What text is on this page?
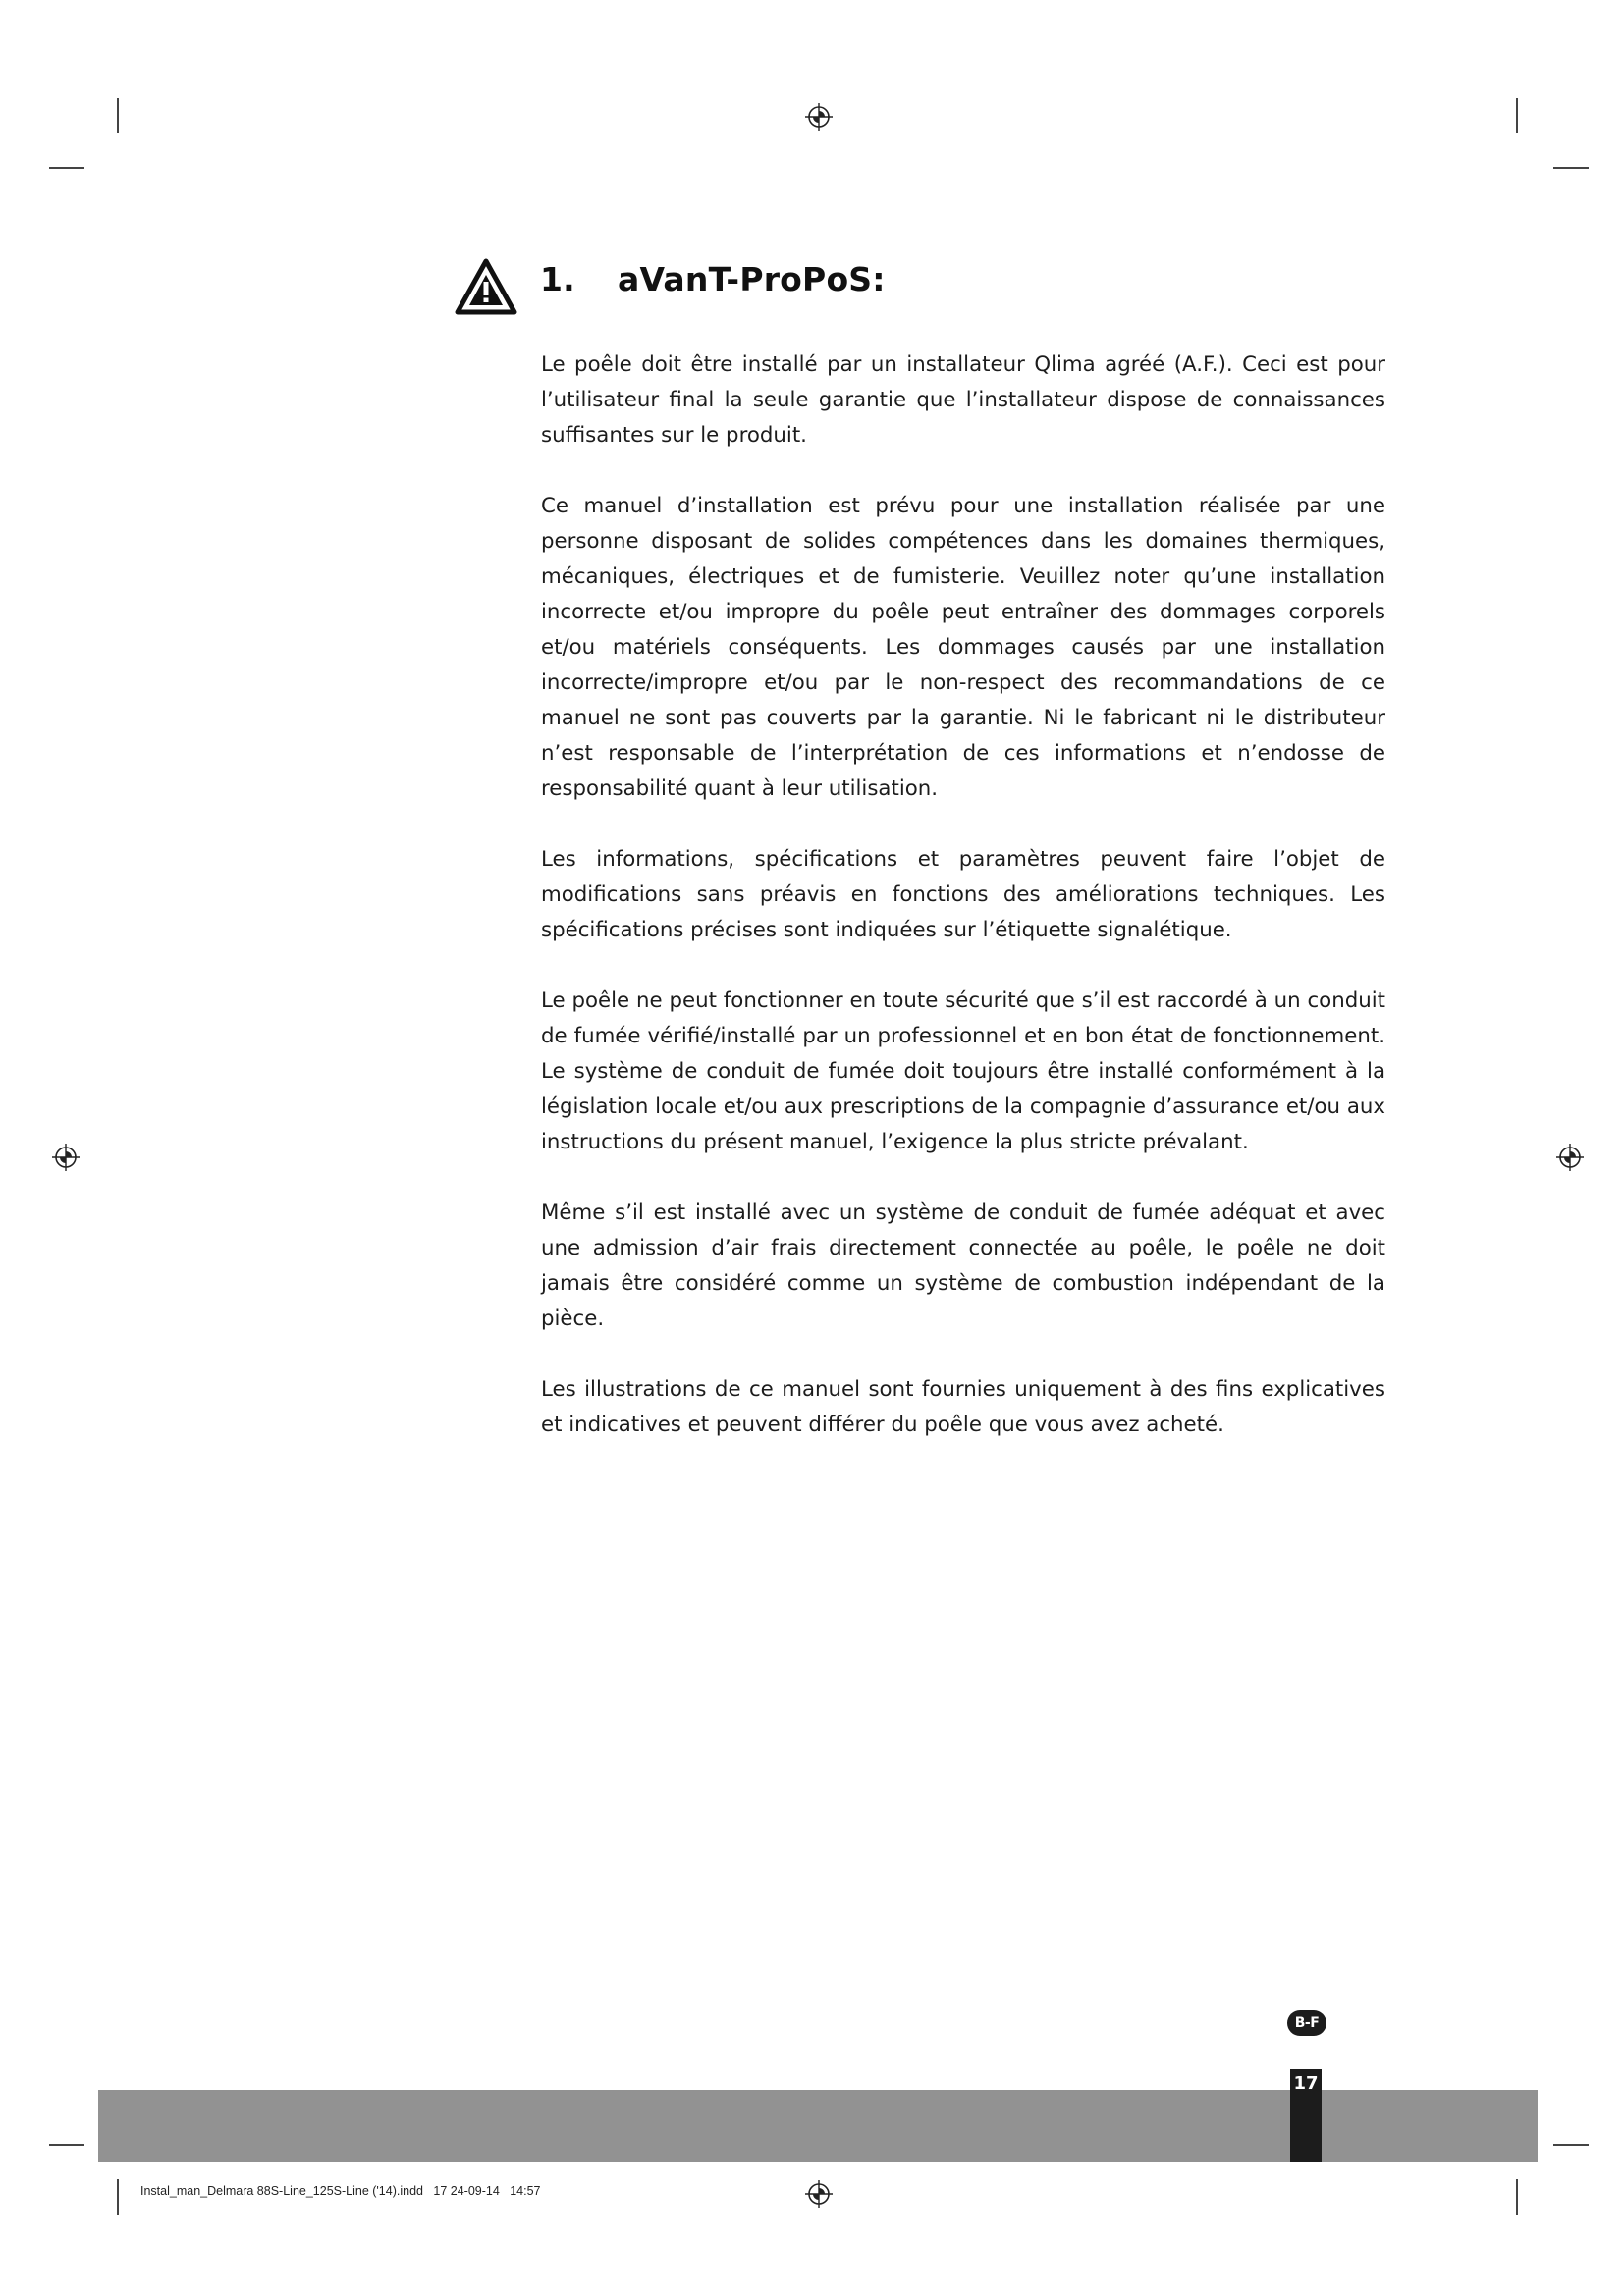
1. aVanT-ProPoS:

Le poêle doit être installé par un installateur Qlima agréé (A.F.). Ceci est pour l’utilisateur final la seule garantie que l’installateur dispose de connaissances suffisantes sur le produit.

Ce manuel d’installation est prévu pour une installation réalisée par une personne disposant de solides compétences dans les domaines thermiques, mécaniques, électriques et de fumisterie. Veuillez noter qu’une installation incorrecte et/ou impropre du poêle peut entraîner des dommages corporels et/ou matériels conséquents. Les dommages causés par une installation incorrecte/impropre et/ou par le non-respect des recommandations de ce manuel ne sont pas couverts par la garantie. Ni le fabricant ni le distributeur n’est responsable de l’interprétation de ces informations et n’endosse de responsabilité quant à leur utilisation.

Les informations, spécifications et paramètres peuvent faire l’objet de modifications sans préavis en fonctions des améliorations techniques. Les spécifications précises sont indiquées sur l’étiquette signalétique.

Le poêle ne peut fonctionner en toute sécurité que s’il est raccordé à un conduit de fumée vérifié/installé par un professionnel et en bon état de fonctionnement. Le système de conduit de fumée doit toujours être installé conformément à la législation locale et/ou aux prescriptions de la compagnie d’assurance et/ou aux instructions du présent manuel, l’exigence la plus stricte prévalant.

Même s’il est installé avec un système de conduit de fumée adéquat et avec une admission d’air frais directement connectée au poêle, le poêle ne doit jamais être considéré comme un système de combustion indépendant de la pièce.

Les illustrations de ce manuel sont fournies uniquement à des fins explicatives et indicatives et peuvent différer du poêle que vous avez acheté.

B-F
17
Instal_man_Delmara 88S-Line_125S-Line ('14).indd   17 24-09-14   14:57
